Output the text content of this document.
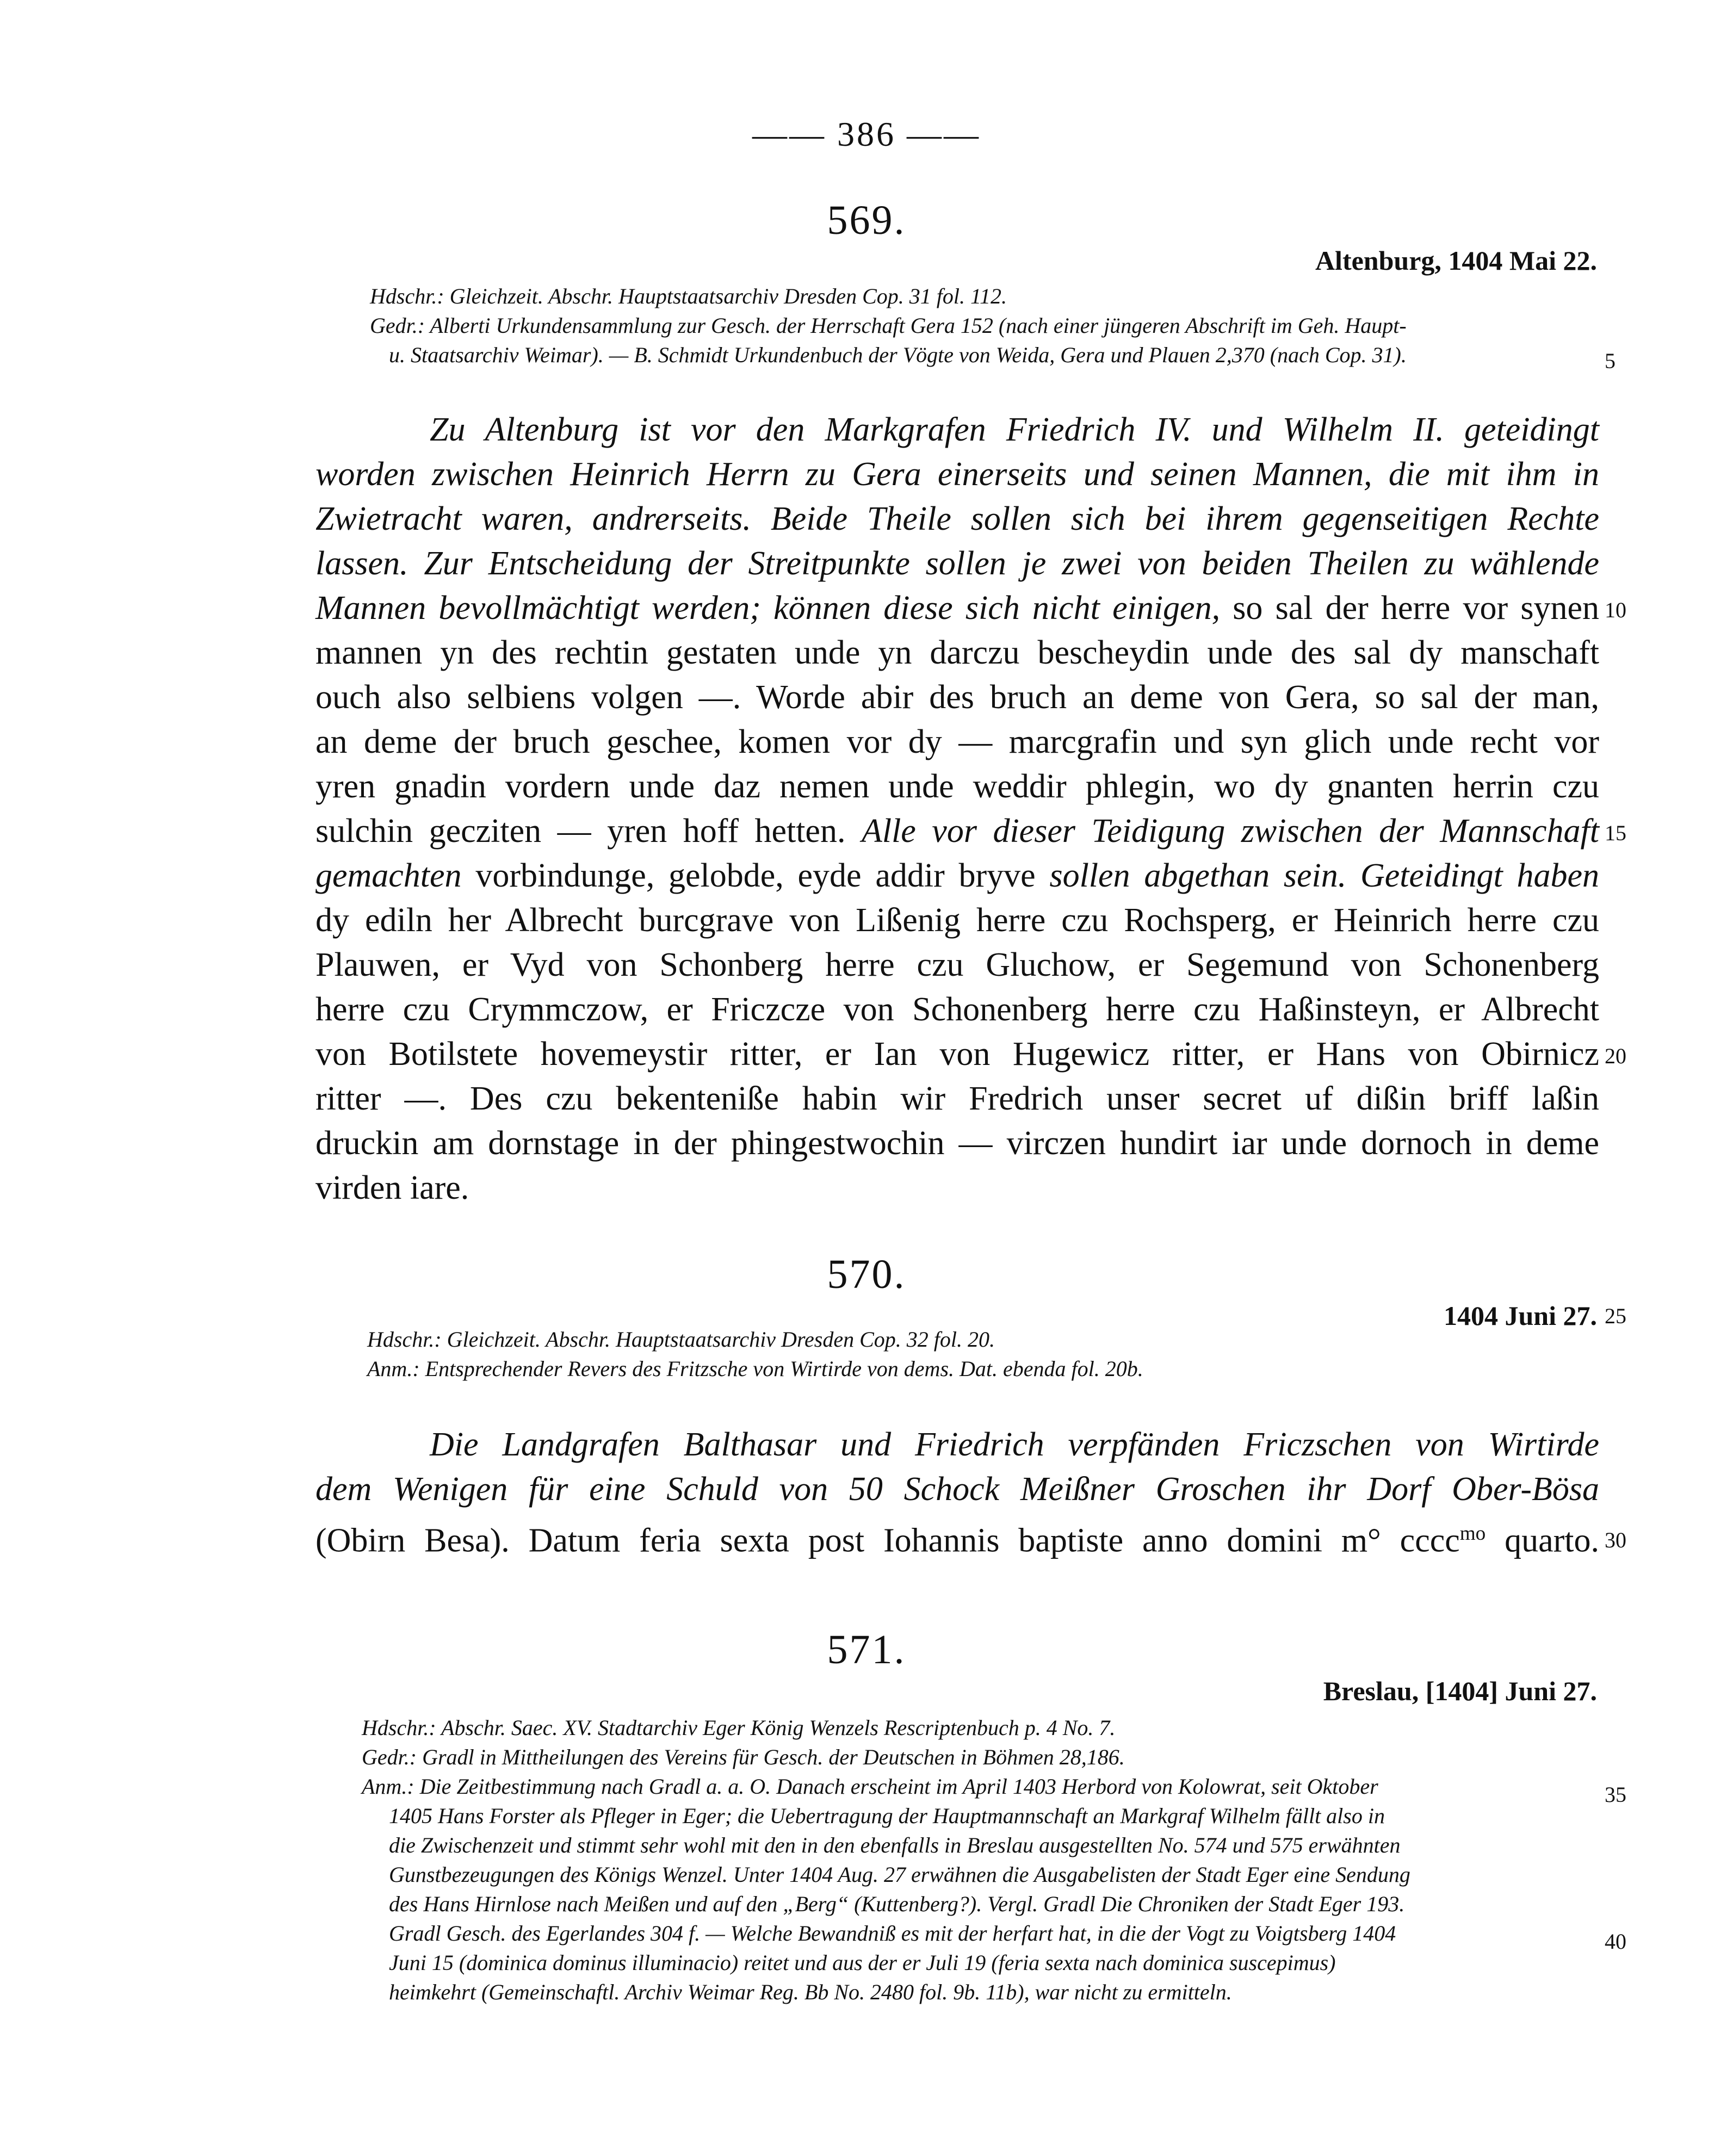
—— 386 ——
569.
Altenburg, 1404 Mai 22.
Hdschr.: Gleichzeit. Abschr. Hauptstaatsarchiv Dresden Cop. 31 fol. 112.
Gedr.: Alberti Urkundensammlung zur Gesch. der Herrschaft Gera 152 (nach einer jüngeren Abschrift im Geh. Haupt-
u. Staatsarchiv Weimar). — B. Schmidt Urkundenbuch der Vögte von Weida, Gera und Plauen 2,370 (nach Cop. 31).	5
Zu Altenburg ist vor den Markgrafen Friedrich IV. und Wilhelm II. geteidingt
worden zwischen Heinrich Herrn zu Gera einerseits und seinen Mannen, die mit ihm in
Zwietracht waren, andrerseits. Beide Theile sollen sich bei ihrem gegenseitigen Rechte
lassen. Zur Entscheidung der Streitpunkte sollen je zwei von beiden Theilen zu wählende
Mannen bevollmächtigt werden; können diese sich nicht einigen, so sal der herre vor synen 10
mannen yn des rechtin gestaten unde yn darczu bescheydin unde des sal dy manschaft
ouch also selbiens volgen —. Worde abir des bruch an deme von Gera, so sal der man,
an deme der bruch geschee, komen vor dy — marcgrafin und syn glich unde recht vor
yren gnadin vordern unde daz nemen unde weddir phlegin, wo dy gnanten herrin czu
sulchin gecziten — yren hoff hetten. Alle vor dieser Teidigung zwischen der Mannschaft 15
gemachten vorbindunge, gelobde, eyde addir bryve sollen abgethan sein. Geteidingt haben
dy ediln her Albrecht burcgrave von Lißenig herre czu Rochsperg, er Heinrich herre czu
Plauwen, er Vyd von Schonberg herre czu Gluchow, er Segemund von Schonenberg
herre czu Crymmczow, er Friczcze von Schonenberg herre czu Haßinsteyn, er Albrecht
von Botilstete hovemeystir ritter, er Ian von Hugewicz ritter, er Hans von Obirnicz 20
ritter —. Des czu bekenteniße habin wir Fredrich unser secret uf dißin briff laßin
druckin am dornstage in der phingestwochin — virczen hundirt iar unde dornoch in deme
virden iare.
570.
1404 Juni 27. 25
Hdschr.: Gleichzeit. Abschr. Hauptstaatsarchiv Dresden Cop. 32 fol. 20.
Anm.: Entsprechender Revers des Fritzsche von Wirtirde von dems. Dat. ebenda fol. 20b.
Die Landgrafen Balthasar und Friedrich verpfänden Friczschen von Wirtirde
dem Wenigen für eine Schuld von 50 Schock Meißner Groschen ihr Dorf Ober-Bösa
(Obirn Besa). Datum feria sexta post Iohannis baptiste anno domini m° cccc$^{mo}$ quarto. 30
571.
Breslau, [1404] Juni 27.
Hdschr.: Abschr. Saec. XV. Stadtarchiv Eger König Wenzels Rescriptenbuch p. 4 No. 7.
Gedr.: Gradl in Mittheilungen des Vereins für Gesch. der Deutschen in Böhmen 28,186.
Anm.: Die Zeitbestimmung nach Gradl a. a. O. Danach erscheint im April 1403 Herbord von Kolowrat, seit Oktober	35
1405 Hans Forster als Pfleger in Eger; die Uebertragung der Hauptmannschaft an Markgraf Wilhelm fällt also in
die Zwischenzeit und stimmt sehr wohl mit den in den ebenfalls in Breslau ausgestellten No. 574 und 575 erwähnten
Gunstbezeugungen des Königs Wenzel. Unter 1404 Aug. 27 erwähnen die Ausgabelisten der Stadt Eger eine Sendung
des Hans Hirnlose nach Meißen und auf den „Berg“ (Kuttenberg?). Vergl. Gradl Die Chroniken der Stadt Eger 193.
Gradl Gesch. des Egerlandes 304 f. — Welche Bewandniß es mit der herfart hat, in die der Vogt zu Voigtsberg 1404	40
Juni 15 (dominica dominus illuminacio) reitet und aus der er Juli 19 (feria sexta nach dominica suscepimus)
heimkehrt (Gemeinschaftl. Archiv Weimar Reg. Bb No. 2480 fol. 9b. 11b), war nicht zu ermitteln.
